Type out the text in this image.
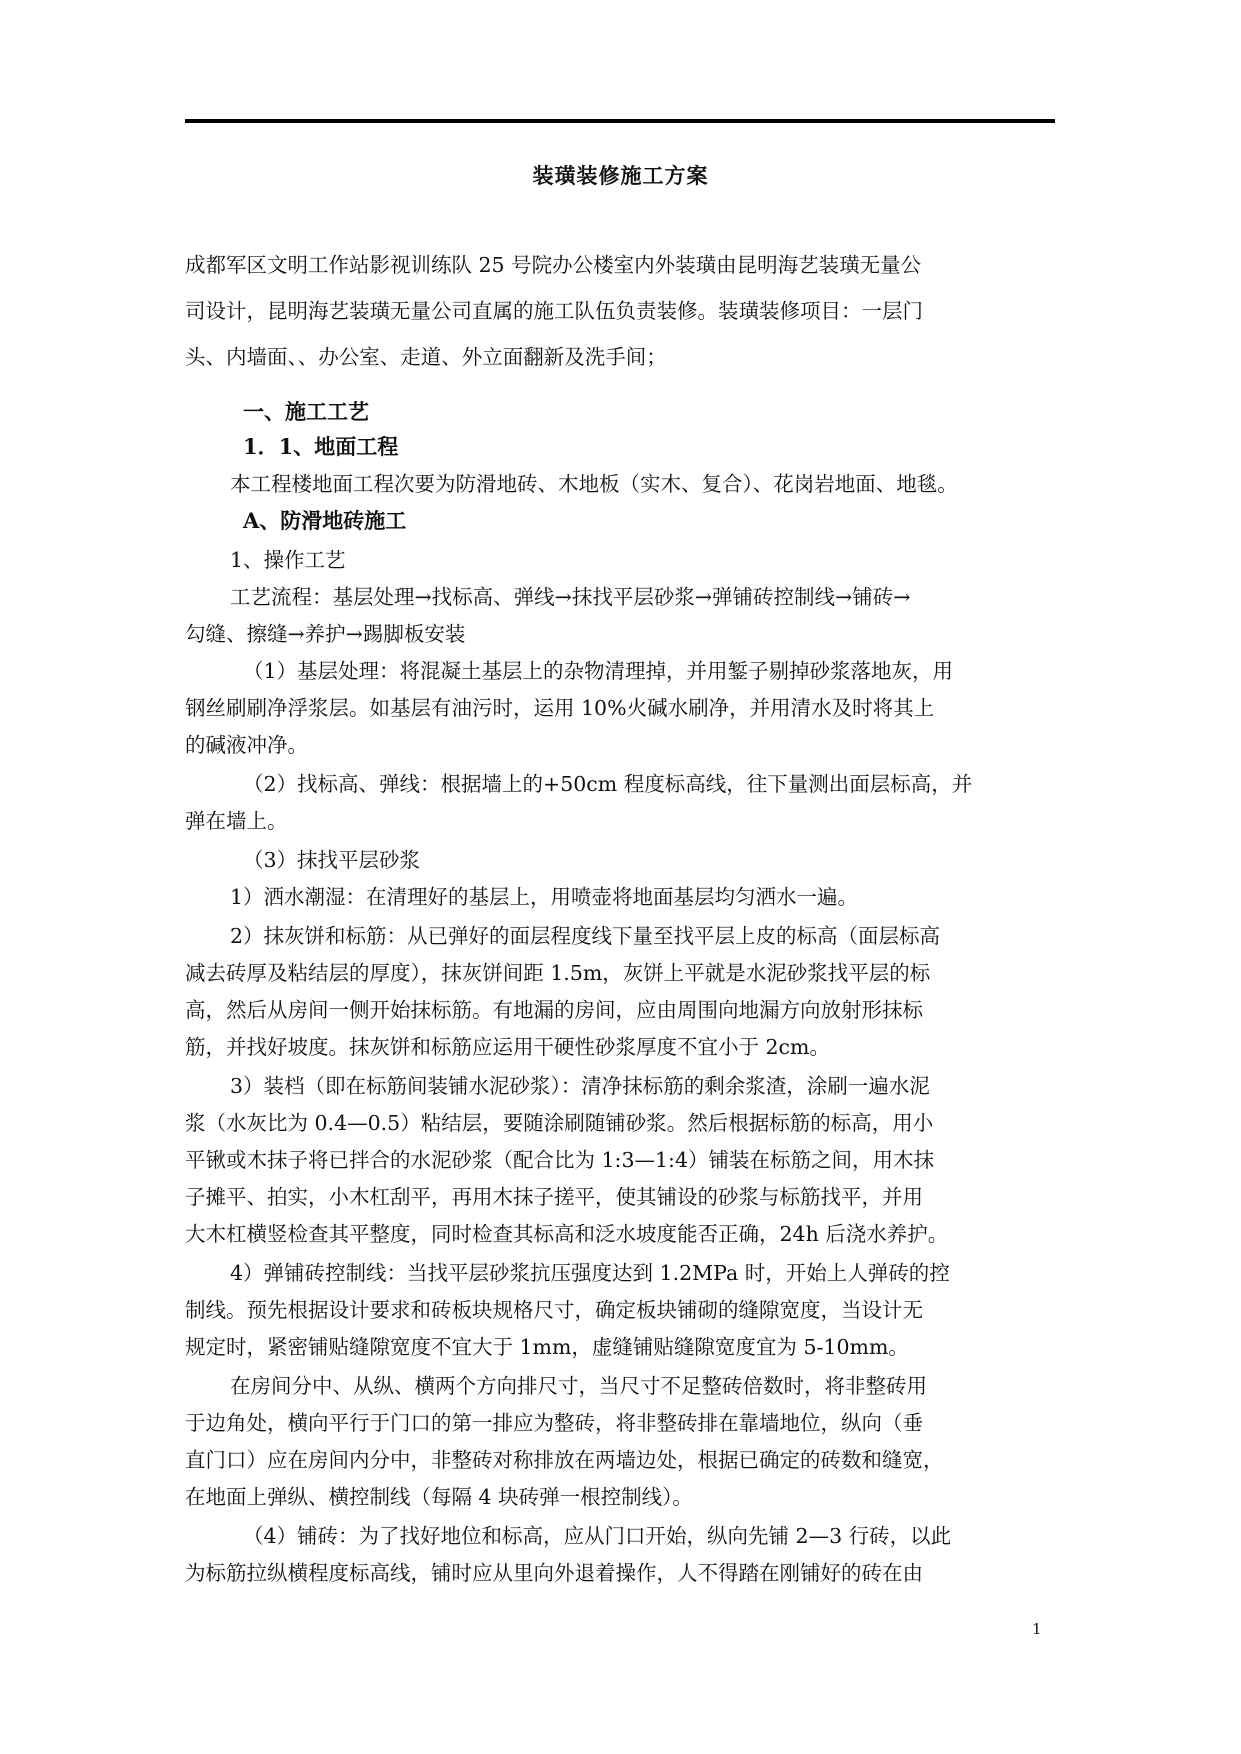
装璜装修施工方案
成都军区文明工作站影视训练队 25 号院办公楼室内外装璜由昆明海艺装璜无量公
司设计，昆明海艺装璜无量公司直属的施工队伍负责装修。装璜装修项目：一层门
头、内墙面、、办公室、走道、外立面翻新及洗手间；
一、施工工艺
1．1、地面工程
本工程楼地面工程次要为防滑地砖、木地板（实木、复合）、花岗岩地面、地毯。
A、防滑地砖施工
1、操作工艺
工艺流程：基层处理→找标高、弹线→抹找平层砂浆→弹铺砖控制线→铺砖→
勾缝、擦缝→养护→踢脚板安装
（1）基层处理：将混凝土基层上的杂物清理掉，并用錾子剔掉砂浆落地灰，用
钢丝刷刷净浮浆层。如基层有油污时，运用 10%火碱水刷净，并用清水及时将其上
的碱液冲净。
（2）找标高、弹线：根据墙上的+50cm 程度标高线，往下量测出面层标高，并
弹在墙上。
（3）抹找平层砂浆
1）洒水潮湿：在清理好的基层上，用喷壶将地面基层均匀洒水一遍。
2）抹灰饼和标筋：从已弹好的面层程度线下量至找平层上皮的标高（面层标高
减去砖厚及粘结层的厚度），抹灰饼间距 1.5m，灰饼上平就是水泥砂浆找平层的标
高，然后从房间一侧开始抹标筋。有地漏的房间，应由周围向地漏方向放射形抹标
筋，并找好坡度。抹灰饼和标筋应运用干硬性砂浆厚度不宜小于 2cm。
3）装档（即在标筋间装铺水泥砂浆）：清净抹标筋的剩余浆渣，涂刷一遍水泥
浆（水灰比为 0.4—0.5）粘结层，要随涂刷随铺砂浆。然后根据标筋的标高，用小
平锹或木抹子将已拌合的水泥砂浆（配合比为 1:3—1:4）铺装在标筋之间，用木抹
子摊平、拍实，小木杠刮平，再用木抹子搓平，使其铺设的砂浆与标筋找平，并用
大木杠横竖检查其平整度，同时检查其标高和泛水坡度能否正确，24h 后浇水养护。
4）弹铺砖控制线：当找平层砂浆抗压强度达到 1.2MPa 时，开始上人弹砖的控
制线。预先根据设计要求和砖板块规格尺寸，确定板块铺砌的缝隙宽度，当设计无
规定时，紧密铺贴缝隙宽度不宜大于 1mm，虚缝铺贴缝隙宽度宜为 5-10mm。
在房间分中、从纵、横两个方向排尺寸，当尺寸不足整砖倍数时，将非整砖用
于边角处，横向平行于门口的第一排应为整砖，将非整砖排在靠墙地位，纵向（垂
直门口）应在房间内分中，非整砖对称排放在两墙边处，根据已确定的砖数和缝宽，
在地面上弹纵、横控制线（每隔 4 块砖弹一根控制线）。
（4）铺砖：为了找好地位和标高，应从门口开始，纵向先铺 2—3 行砖，以此
为标筋拉纵横程度标高线，铺时应从里向外退着操作，人不得踏在刚铺好的砖在由
1
